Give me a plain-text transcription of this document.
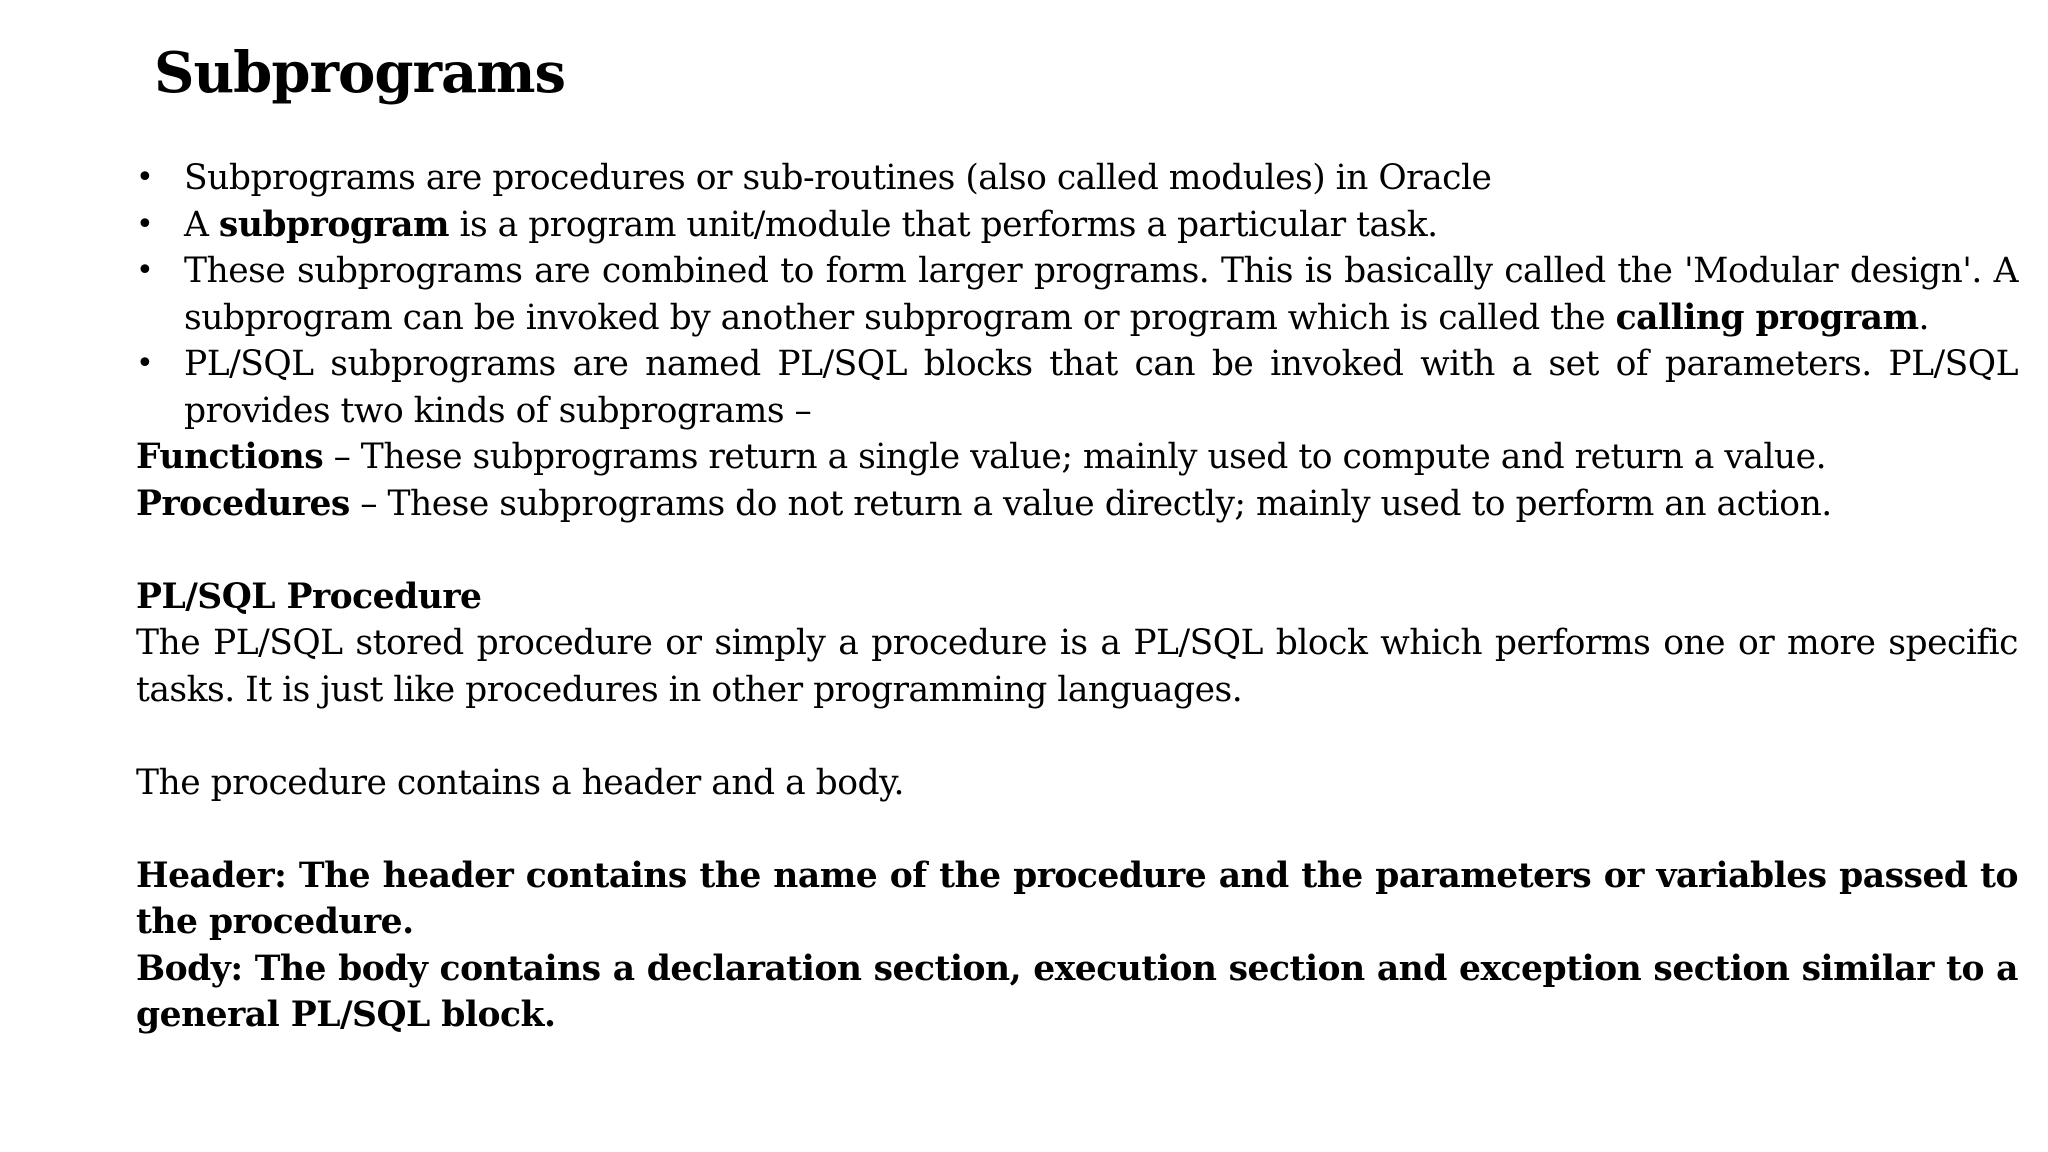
Subprograms
• Subprograms are procedures or sub-routines (also called modules) in Oracle
• A subprogram is a program unit/module that performs a particular task.
• These subprograms are combined to form larger programs. This is basically called the 'Modular design'. A subprogram can be invoked by another subprogram or program which is called the calling program.
• PL/SQL subprograms are named PL/SQL blocks that can be invoked with a set of parameters. PL/SQL provides two kinds of subprograms –

Functions – These subprograms return a single value; mainly used to compute and return a value.

Procedures – These subprograms do not return a value directly; mainly used to perform an action.

PL/SQL Procedure

The PL/SQL stored procedure or simply a procedure is a PL/SQL block which performs one or more specific tasks. It is just like procedures in other programming languages.

The procedure contains a header and a body.

Header: The header contains the name of the procedure and the parameters or variables passed to the procedure.

Body: The body contains a declaration section, execution section and exception section similar to a general PL/SQL block.
